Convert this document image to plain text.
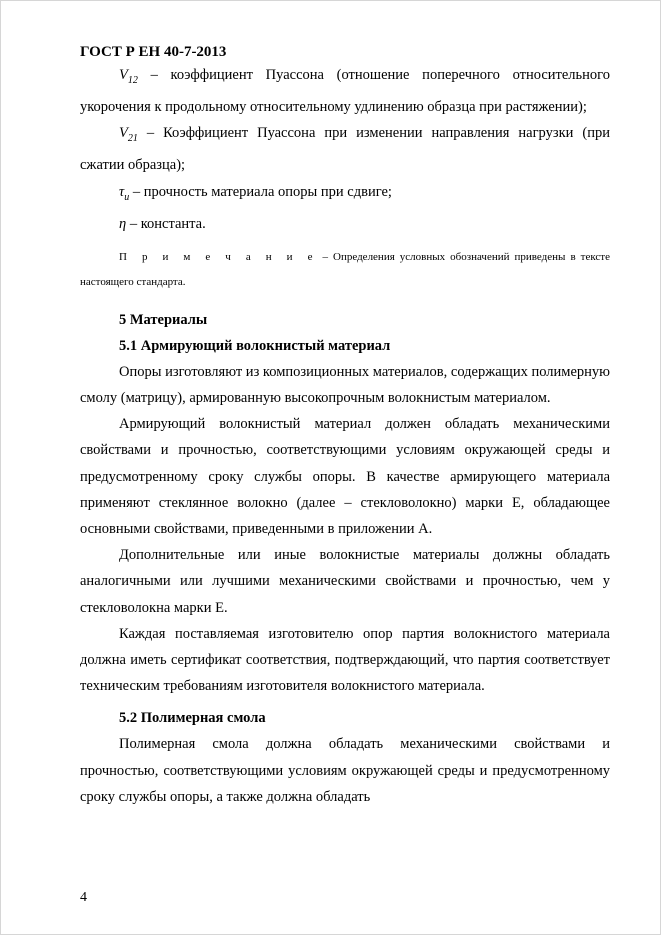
ГОСТ Р ЕН 40-7-2013

$V_{12}$ – коэффициент Пуассона (отношение поперечного относительного укорочения к продольному относительному удлинению образца при растяжении);

$V_{21}$ – Коэффициент Пуассона при изменении направления нагрузки (при сжатии образца);

$\tau_u$ – прочность материала опоры при сдвиге;

η – константа.

П р и м е ч а н и е – Определения условных обозначений приведены в тексте настоящего стандарта.

5 Материалы
5.1 Армирующий волокнистый материал

Опоры изготовляют из композиционных материалов, содержащих полимерную смолу (матрицу), армированную высокопрочным волокнистым материалом.

Армирующий волокнистый материал должен обладать механическими свойствами и прочностью, соответствующими условиям окружающей среды и предусмотренному сроку службы опоры. В качестве армирующего материала применяют стеклянное волокно (далее – стекловолокно) марки Е, обладающее основными свойствами, приведенными в приложении А.

Дополнительные или иные волокнистые материалы должны обладать аналогичными или лучшими механическими свойствами и прочностью, чем у стекловолокна марки Е.

Каждая поставляемая изготовителю опор партия волокнистого материала должна иметь сертификат соответствия, подтверждающий, что партия соответствует техническим требованиям изготовителя волокнистого материала.

5.2 Полимерная смола

Полимерная смола должна обладать механическими свойствами и прочностью, соответствующими условиям окружающей среды и предусмотренному сроку службы опоры, а также должна обладать

4
